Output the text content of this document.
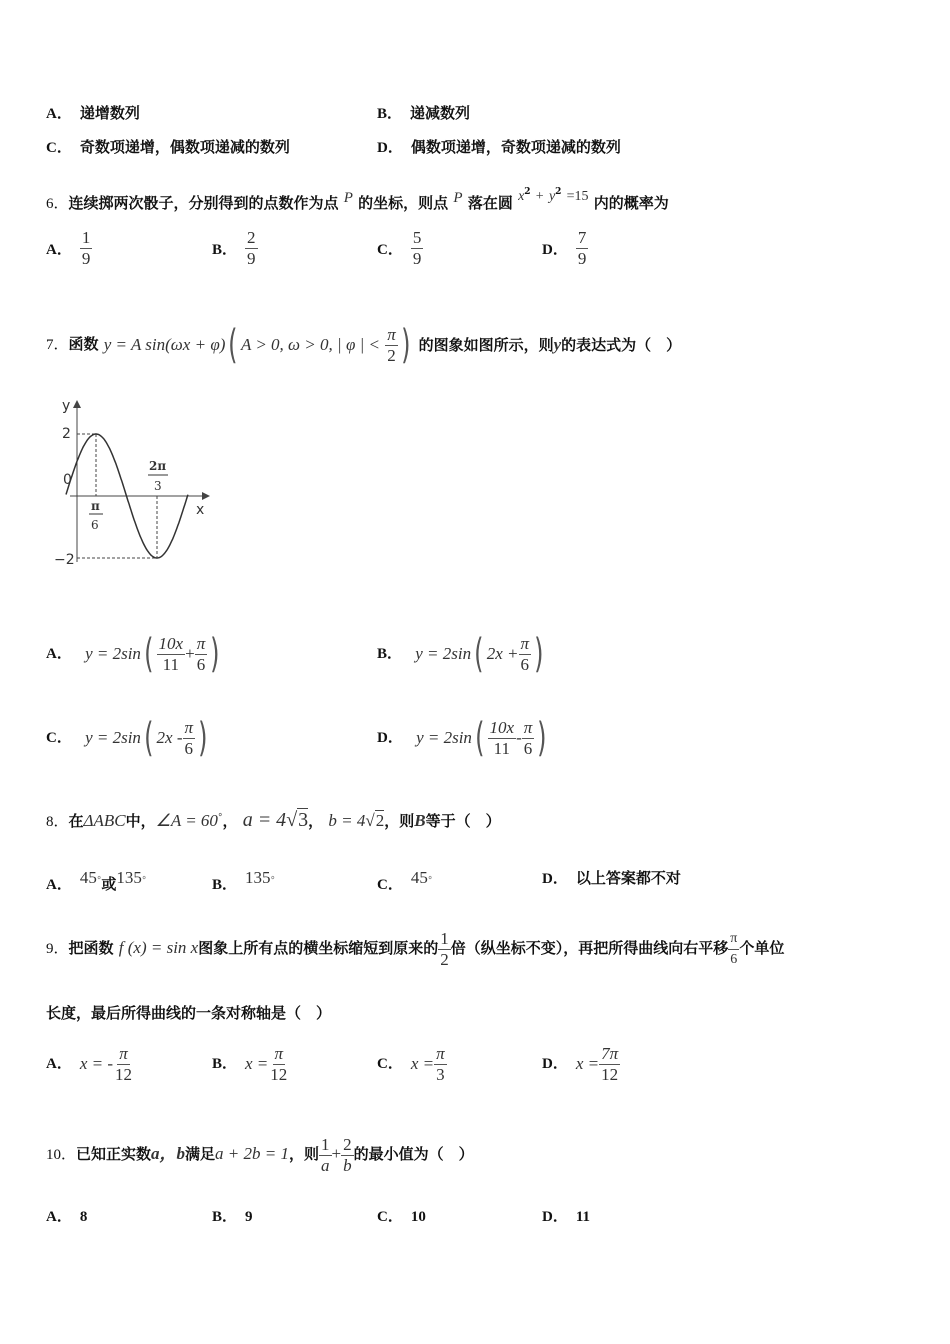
A． 递增数列	B． 递减数列
C． 奇数项递增，偶数项递减的数列	D． 偶数项递增，奇数项递减的数列
6．连续掷两次骰子，分别得到的点数作为点 P 的坐标，则点 P 落在圆 $x^2 + y^2 =15$ 内的概率为
A． $\frac{1}{9}$	B． $\frac{2}{9}$	C． $\frac{5}{9}$	D． $\frac{7}{9}$
7．函数 y = A sin(ωx + φ)( A > 0, ω > 0, | φ | < $\frac{\pi}{2}$ ) 的图象如图所示，则y的表达式为（　）
y
x
0
2
−2
π
6
2π
3
A． $y = 2\sin( \frac{10x}{11} + \frac{\pi}{6}$ )	B． y = 2sin( $2x + \frac{\pi}{6}$ )
C． y = 2sin( $2x - \frac{\pi}{6}$ )	D． $y = 2\sin( \frac{10x}{11} - \frac{\pi}{6}$ )
8．在ΔABC中，∠A = 60°， a = 4√3， b = 4√2，则B等于（　）
A． 45°或135°	B． 135°	C． 45°	D． 以上答案都不对
9．把函数 f (x) = sin x图象上所有点的横坐标缩短到原来的 $\frac{1}{2}$ 倍（纵坐标不变），再把所得曲线向右平移 $\frac{\pi}{6}$ 个单位
长度，最后所得曲线的一条对称轴是（　）
A． x = - $\frac{\pi}{12}$	B． $x = \frac{\pi}{12}$	C． $x = \frac{\pi}{3}$	D． $x = \frac{7\pi}{12}$
10．已知正实数a，b满足a + 2b = 1，则 $\frac{1}{a} + \frac{2}{b}$ 的最小值为（　）
A． 8	B． 9	C． 10	D． 11
